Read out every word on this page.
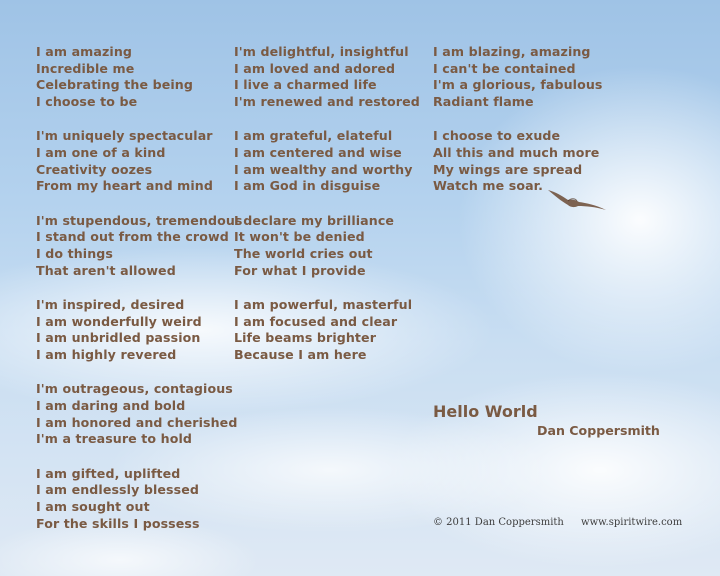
I am amazing
Incredible me
Celebrating the being
I choose to be
I'm uniquely spectacular
I am one of a kind
Creativity oozes
From my heart and mind
I'm stupendous, tremendous
I stand out from the crowd
I do things
That aren't allowed
I'm inspired, desired
I am wonderfully weird
I am unbridled passion
I am highly revered
I'm outrageous, contagious
I am daring and bold
I am honored and cherished
I'm a treasure to hold
I am gifted, uplifted
I am endlessly blessed
I am sought out
For the skills I possess
I'm delightful, insightful
I am loved and adored
I live a charmed life
I'm renewed and restored
I am grateful, elateful
I am centered and wise
I am wealthy and worthy
I am God in disguise
I declare my brilliance
It won't be denied
The world cries out
For what I provide
I am powerful, masterful
I am focused and clear
Life beams brighter
Because I am here
I am blazing, amazing
I can't be contained
I'm a glorious, fabulous
Radiant flame
I choose to exude
All this and much more
My wings are spread
Watch me soar.
Hello World
Dan Coppersmith
© 2011 Dan Coppersmith www.spiritwire.com
